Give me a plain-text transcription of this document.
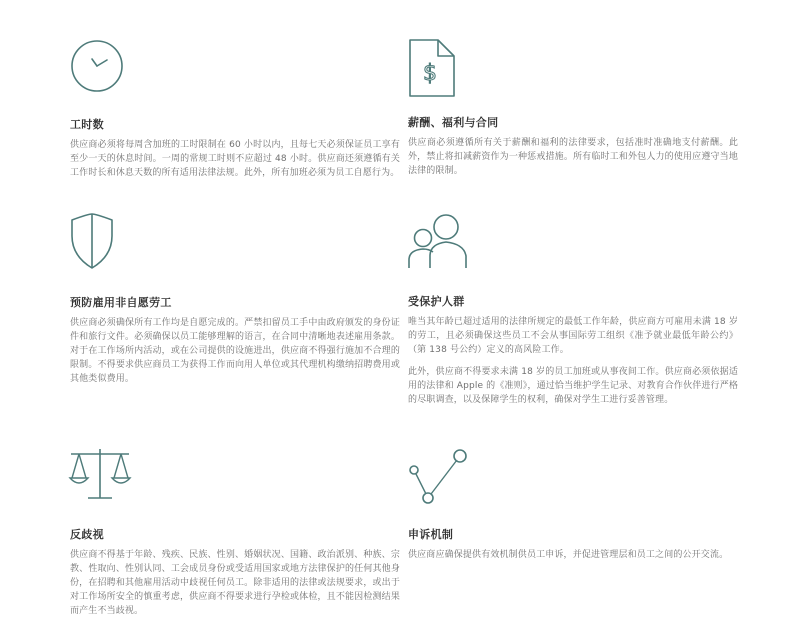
工时数

供应商必须将每周含加班的工时限制在 60 小时以内，且每七天必须保证员工享有至少一天的休息时间。一周的常规工时则不应超过 48 小时。供应商还须遵循有关工作时长和休息天数的所有适用法律法规。此外，所有加班必须为员工自愿行为。

$
薪酬、福利与合同

供应商必须遵循所有关于薪酬和福利的法律要求，包括准时准确地支付薪酬。此外，禁止将扣减薪资作为一种惩戒措施。所有临时工和外包人力的使用应遵守当地法律的限制。

预防雇用非自愿劳工

供应商必须确保所有工作均是自愿完成的。严禁扣留员工手中由政府颁发的身份证件和旅行文件。必须确保以员工能够理解的语言，在合同中清晰地表述雇用条款。对于在工作场所内活动，或在公司提供的设施进出，供应商不得强行施加不合理的限制。不得要求供应商员工为获得工作而向用人单位或其代理机构缴纳招聘费用或其他类似费用。

受保护人群

唯当其年龄已超过适用的法律所规定的最低工作年龄，供应商方可雇用未满 18 岁的劳工，且必须确保这些员工不会从事国际劳工组织《准予就业最低年龄公约》（第 138 号公约）定义的高风险工作。

此外，供应商不得要求未满 18 岁的员工加班或从事夜间工作。供应商必须依据适用的法律和 Apple 的《准则》，通过恰当维护学生记录、对教育合作伙伴进行严格的尽职调查，以及保障学生的权利，确保对学生工进行妥善管理。

反歧视

供应商不得基于年龄、残疾、民族、性别、婚姻状况、国籍、政治派别、种族、宗教、性取向、性别认同、工会成员身份或受适用国家或地方法律保护的任何其他身份，在招聘和其他雇用活动中歧视任何员工。除非适用的法律或法规要求，或出于对工作场所安全的慎重考虑，供应商不得要求进行孕检或体检，且不能因检测结果而产生不当歧视。

申诉机制

供应商应确保提供有效机制供员工申诉，并促进管理层和员工之间的公开交流。
